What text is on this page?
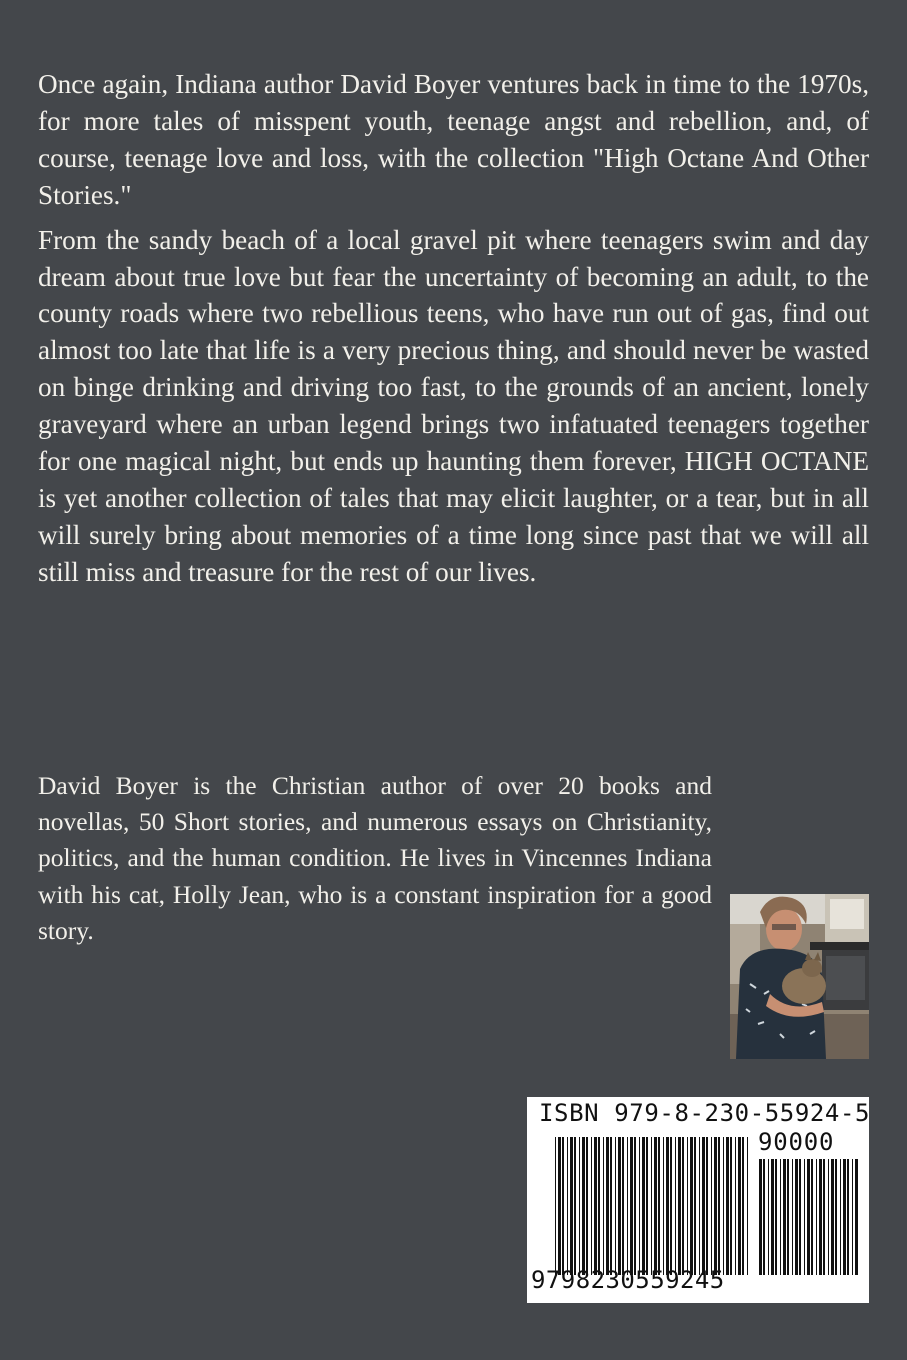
Once again, Indiana author David Boyer ventures back in time to the 1970s, for more tales of misspent youth, teenage angst and rebellion, and, of course, teenage love and loss, with the collection "High Octane And Other Stories."

From the sandy beach of a local gravel pit where teenagers swim and day dream about true love but fear the uncertainty of becoming an adult, to the county roads where two rebellious teens, who have run out of gas, find out almost too late that life is a very precious thing, and should never be wasted on binge drinking and driving too fast, to the grounds of an ancient, lonely graveyard where an urban legend brings two infatuated teenagers together for one magical night, but ends up haunting them forever, HIGH OCTANE is yet another collection of tales that may elicit laughter, or a tear, but in all will surely bring about memories of a time long since past that we will all still miss and treasure for the rest of our lives.

David Boyer is the Christian author of over 20 books and novellas, 50 Short stories, and numerous essays on Christianity, politics, and the human condition. He lives in Vincennes Indiana with his cat, Holly Jean, who is a constant inspiration for a good story.

ISBN 979-8-230-55924-5
90000
9798230559245
